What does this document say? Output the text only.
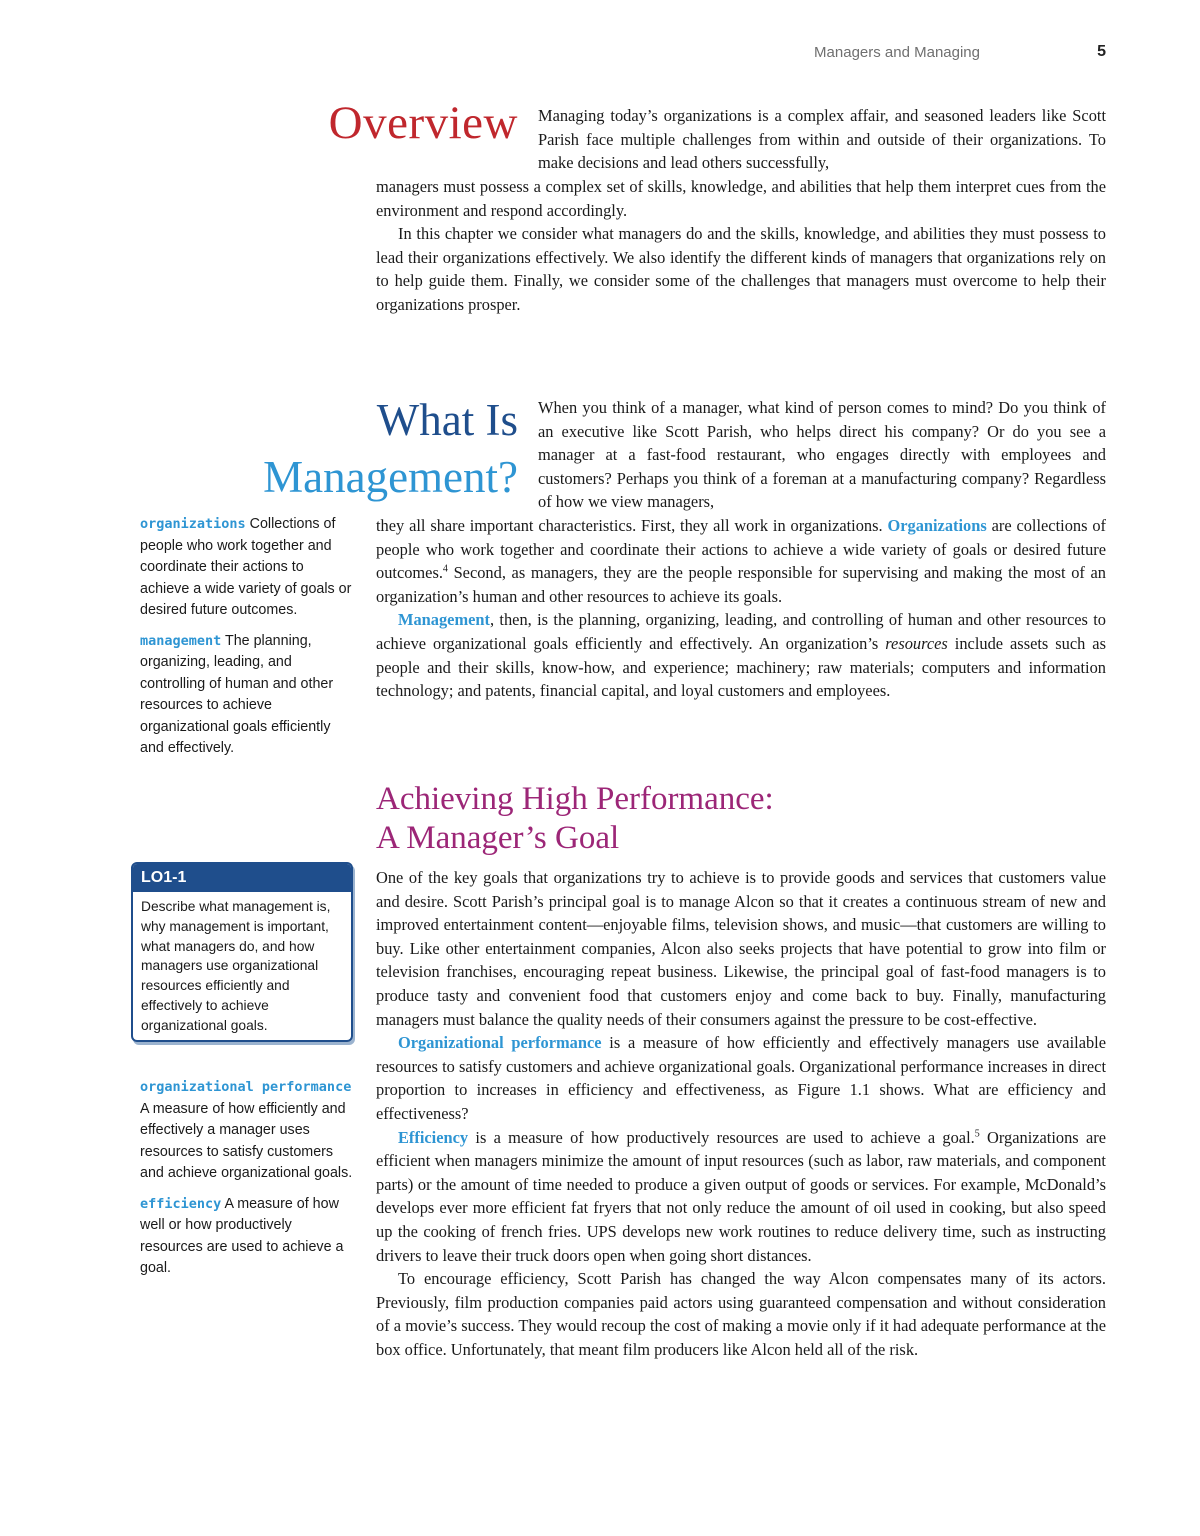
Managers and Managing	5
Overview Managing today’s organizations is a complex affair, and seasoned leaders like Scott Parish face multiple challenges from within and outside of their organizations. To make decisions and lead others successfully,

managers must possess a complex set of skills, knowledge, and abilities that help them interpret cues from the environment and respond accordingly.

In this chapter we consider what managers do and the skills, knowledge, and abilities they must possess to lead their organizations effectively. We also identify the different kinds of managers that organizations rely on to help guide them. Finally, we consider some of the challenges that managers must overcome to help their organizations prosper.

What Is
Management?

When you think of a manager, what kind of person comes to mind? Do you think of an executive like Scott Parish, who helps direct his company? Or do you see a manager at a fast-food restaurant, who engages directly with employees and customers? Perhaps you think of a foreman at a manufacturing company? Regardless of how we view managers,

they all share important characteristics. First, they all work in organizations. Organizations are collections of people who work together and coordinate their actions to achieve a wide variety of goals or desired future outcomes.$^4$ Second, as managers, they are the people responsible for supervising and making the most of an organization’s human and other resources to achieve its goals.

Management, then, is the planning, organizing, leading, and controlling of human and other resources to achieve organizational goals efficiently and effectively. An organization’s resources include assets such as people and their skills, know-how, and experience; machinery; raw materials; computers and information technology; and patents, financial capital, and loyal customers and employees.

organizations Collections of people who work together and coordinate their actions to achieve a wide variety of goals or desired future outcomes.

management The planning, organizing, leading, and controlling of human and other resources to achieve organizational goals efficiently and effectively.

LO1-1
Describe what management is, why management is important, what managers do, and how managers use organizational resources efficiently and effectively to achieve organizational goals.

organizational performance A measure of how efficiently and effectively a manager uses resources to satisfy customers and achieve organizational goals.

efficiency A measure of how well or how productively resources are used to achieve a goal.

Achieving High Performance:
A Manager’s Goal

One of the key goals that organizations try to achieve is to provide goods and services that customers value and desire. Scott Parish’s principal goal is to manage Alcon so that it creates a continuous stream of new and improved entertainment content—enjoyable films, television shows, and music—that customers are willing to buy. Like other entertainment companies, Alcon also seeks projects that have potential to grow into film or television franchises, encouraging repeat business. Likewise, the principal goal of fast-food managers is to produce tasty and convenient food that customers enjoy and come back to buy. Finally, manufacturing managers must balance the quality needs of their consumers against the pressure to be cost-effective.

Organizational performance is a measure of how efficiently and effectively managers use available resources to satisfy customers and achieve organizational goals. Organizational performance increases in direct proportion to increases in efficiency and effectiveness, as Figure 1.1 shows. What are efficiency and effectiveness?

Efficiency is a measure of how productively resources are used to achieve a goal.$^5$ Organizations are efficient when managers minimize the amount of input resources (such as labor, raw materials, and component parts) or the amount of time needed to produce a given output of goods or services. For example, McDonald’s develops ever more efficient fat fryers that not only reduce the amount of oil used in cooking, but also speed up the cooking of french fries. UPS develops new work routines to reduce delivery time, such as instructing drivers to leave their truck doors open when going short distances.

To encourage efficiency, Scott Parish has changed the way Alcon compensates many of its actors. Previously, film production companies paid actors using guaranteed compensation and without consideration of a movie’s success. They would recoup the cost of making a movie only if it had adequate performance at the box office. Unfortunately, that meant film producers like Alcon held all of the risk.
